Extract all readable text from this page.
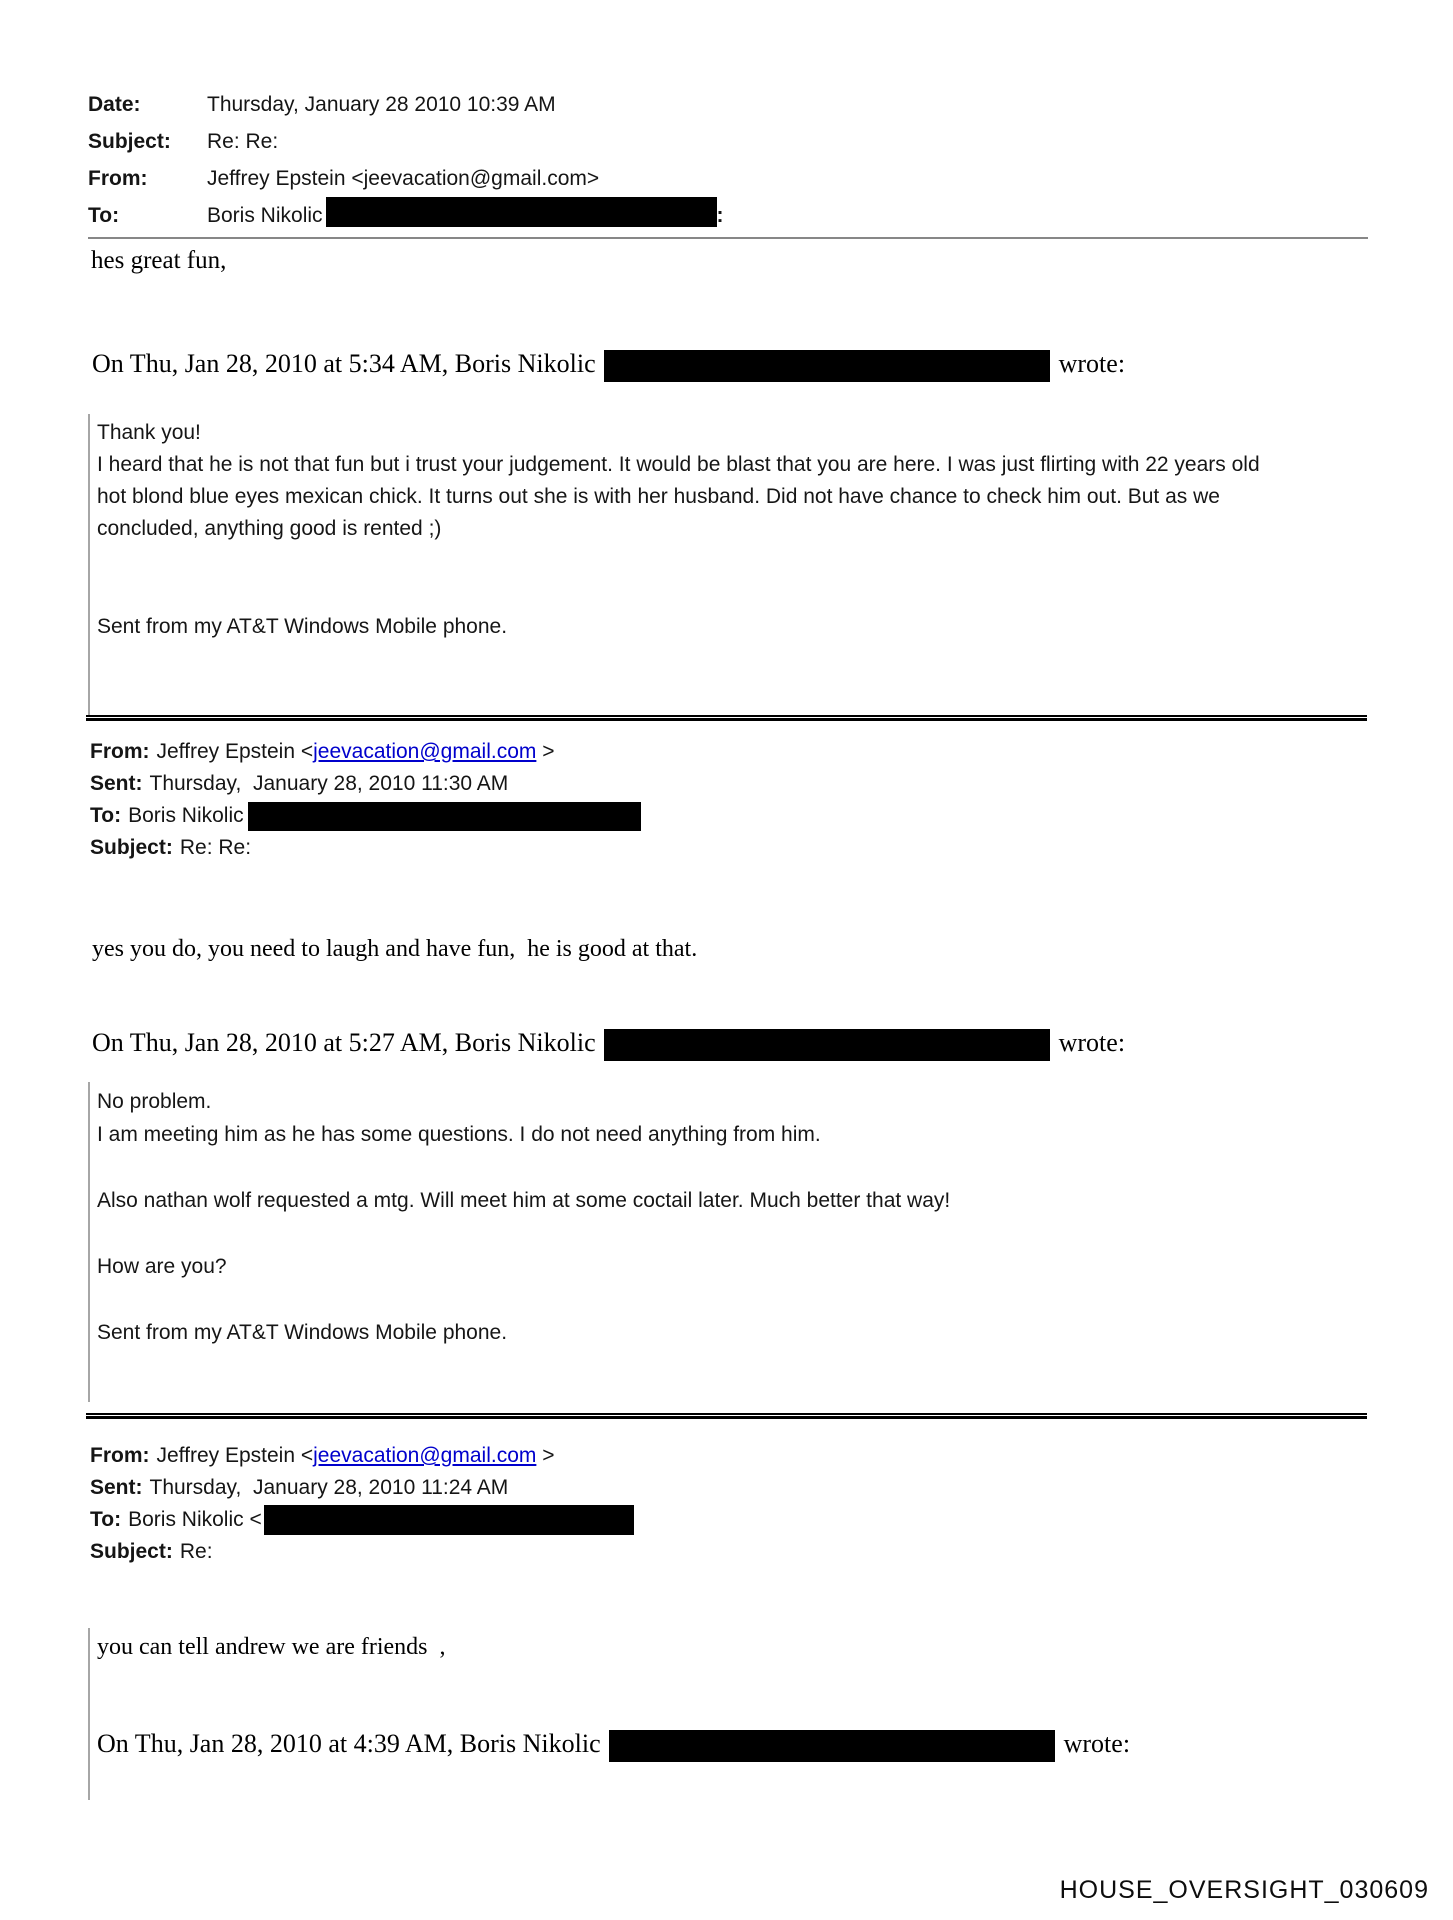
Date:	Thursday, January 28 2010 10:39 AM
Subject:	Re: Re:
From:	Jeffrey Epstein <jeevacation@gmail.com>
To:	Boris Nikolic	:
hes great fun,
On Thu, Jan 28, 2010 at 5:34 AM, Boris Nikolic	wrote:
Thank you!
I heard that he is not that fun but i trust your judgement. It would be blast that you are here. I was just flirting with 22 years old
hot blond blue eyes mexican chick. It turns out she is with her husband. Did not have chance to check him out. But as we
concluded, anything good is rented ;)
Sent from my AT&T Windows Mobile phone.
From: Jeffrey Epstein <jeevacation@gmail.com >
Sent: Thursday,  January 28, 2010 11:30 AM
To: Boris Nikolic
Subject: Re: Re:
yes you do, you need to laugh and have fun,  he is good at that.
On Thu, Jan 28, 2010 at 5:27 AM, Boris Nikolic	wrote:
No problem.
I am meeting him as he has some questions. I do not need anything from him.
Also nathan wolf requested a mtg. Will meet him at some coctail later. Much better that way!
How are you?
Sent from my AT&T Windows Mobile phone.
From: Jeffrey Epstein <jeevacation@gmail.com >
Sent: Thursday,  January 28, 2010 11:24 AM
To: Boris Nikolic <
Subject: Re:
you can tell andrew we are friends  ,
On Thu, Jan 28, 2010 at 4:39 AM, Boris Nikolic	wrote:
HOUSE_OVERSIGHT_030609
